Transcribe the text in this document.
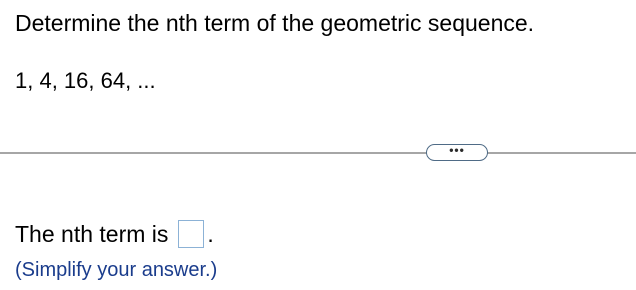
Determine the nth term of the geometric sequence.
1, 4, 16, 64, ...
•••
The nth term is .
(Simplify your answer.)
